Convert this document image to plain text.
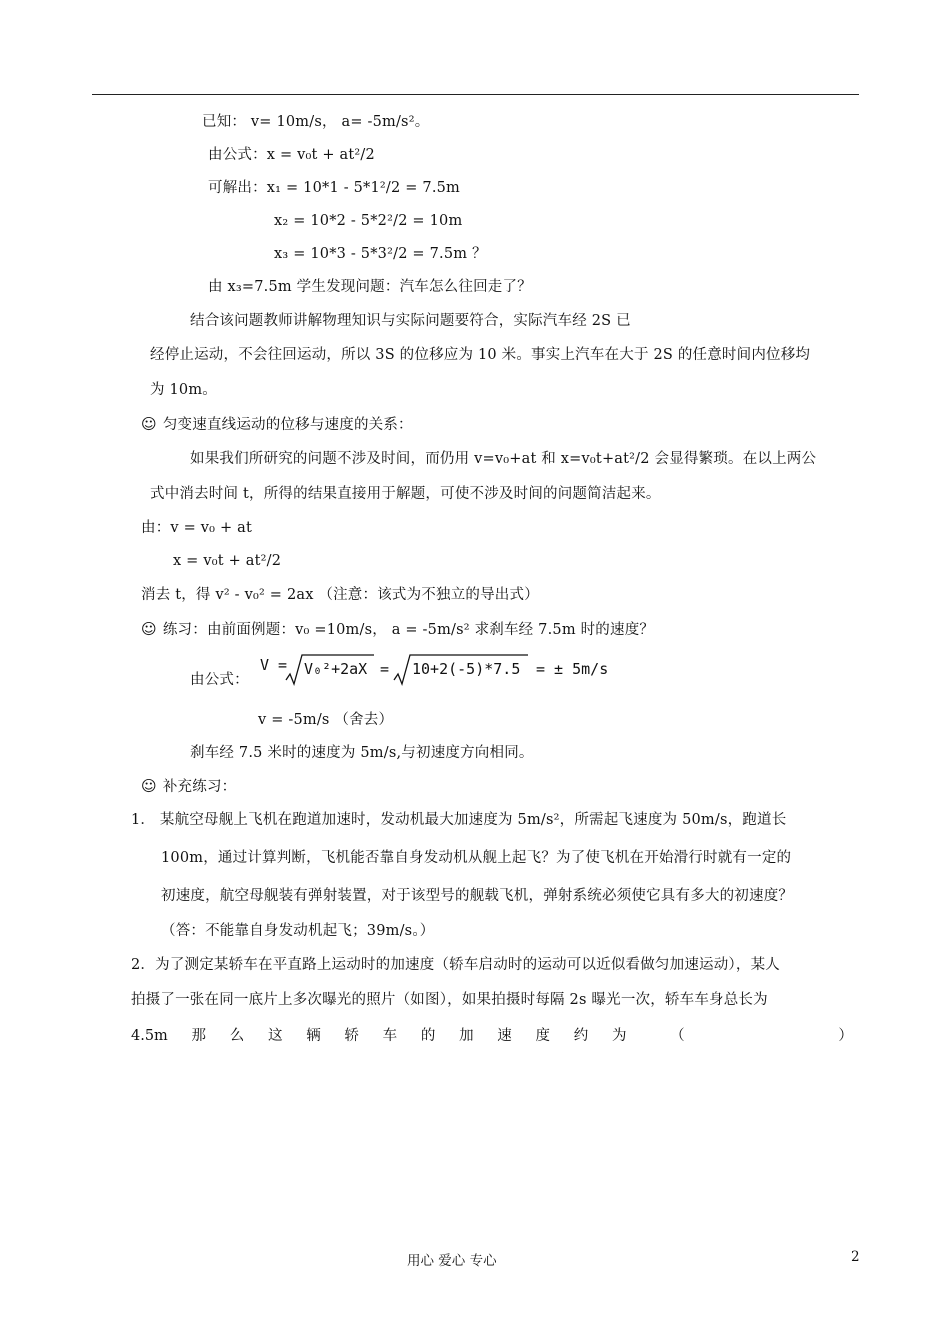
已知： v= 10m/s， a= -5m/s²。
由公式：x = v₀t + at²/2
可解出：x₁ = 10*1 - 5*1²/2 = 7.5m
x₂ = 10*2 - 5*2²/2 = 10m
x₃ = 10*3 - 5*3²/2 = 7.5m ？
由 x₃=7.5m 学生发现问题：汽车怎么往回走了？
结合该问题教师讲解物理知识与实际问题要符合，实际汽车经 2S 已
经停止运动，不会往回运动，所以 3S 的位移应为 10 米。事实上汽车在大于 2S 的任意时间内位移均
为 10m。
☺ 匀变速直线运动的位移与速度的关系：
如果我们所研究的问题不涉及时间，而仍用 v=v₀+at 和 x=v₀t+at²/2 会显得繁琐。在以上两公
式中消去时间 t，所得的结果直接用于解题，可使不涉及时间的问题简洁起来。
由：v = v₀ + at
x = v₀t + at²/2
消去 t，得 v² - v₀² = 2ax （注意：该式为不独立的导出式）
☺ 练习：由前面例题：v₀ =10m/s， a = -5m/s² 求刹车经 7.5m 时的速度？
由公式：
V = V₀²+2aX = 10+2(-5)*7.5 = ± 5m/s
v = -5m/s （舍去）
刹车经 7.5 米时的速度为 5m/s,与初速度方向相同。
☺ 补充练习：
1． 某航空母舰上飞机在跑道加速时，发动机最大加速度为 5m/s²，所需起飞速度为 50m/s，跑道长
100m，通过计算判断，飞机能否靠自身发动机从舰上起飞？为了使飞机在开始滑行时就有一定的
初速度，航空母舰装有弹射装置，对于该型号的舰载飞机，弹射系统必须使它具有多大的初速度？
（答：不能靠自身发动机起飞；39m/s。）
2．为了测定某轿车在平直路上运动时的加速度（轿车启动时的运动可以近似看做匀加速运动），某人
拍摄了一张在同一底片上多次曝光的照片（如图），如果拍摄时每隔 2s 曝光一次，轿车车身总长为
4.5m 那 么 这 辆 轿 车 的 加 速 度 约 为	（	）
用心 爱心 专心	2
